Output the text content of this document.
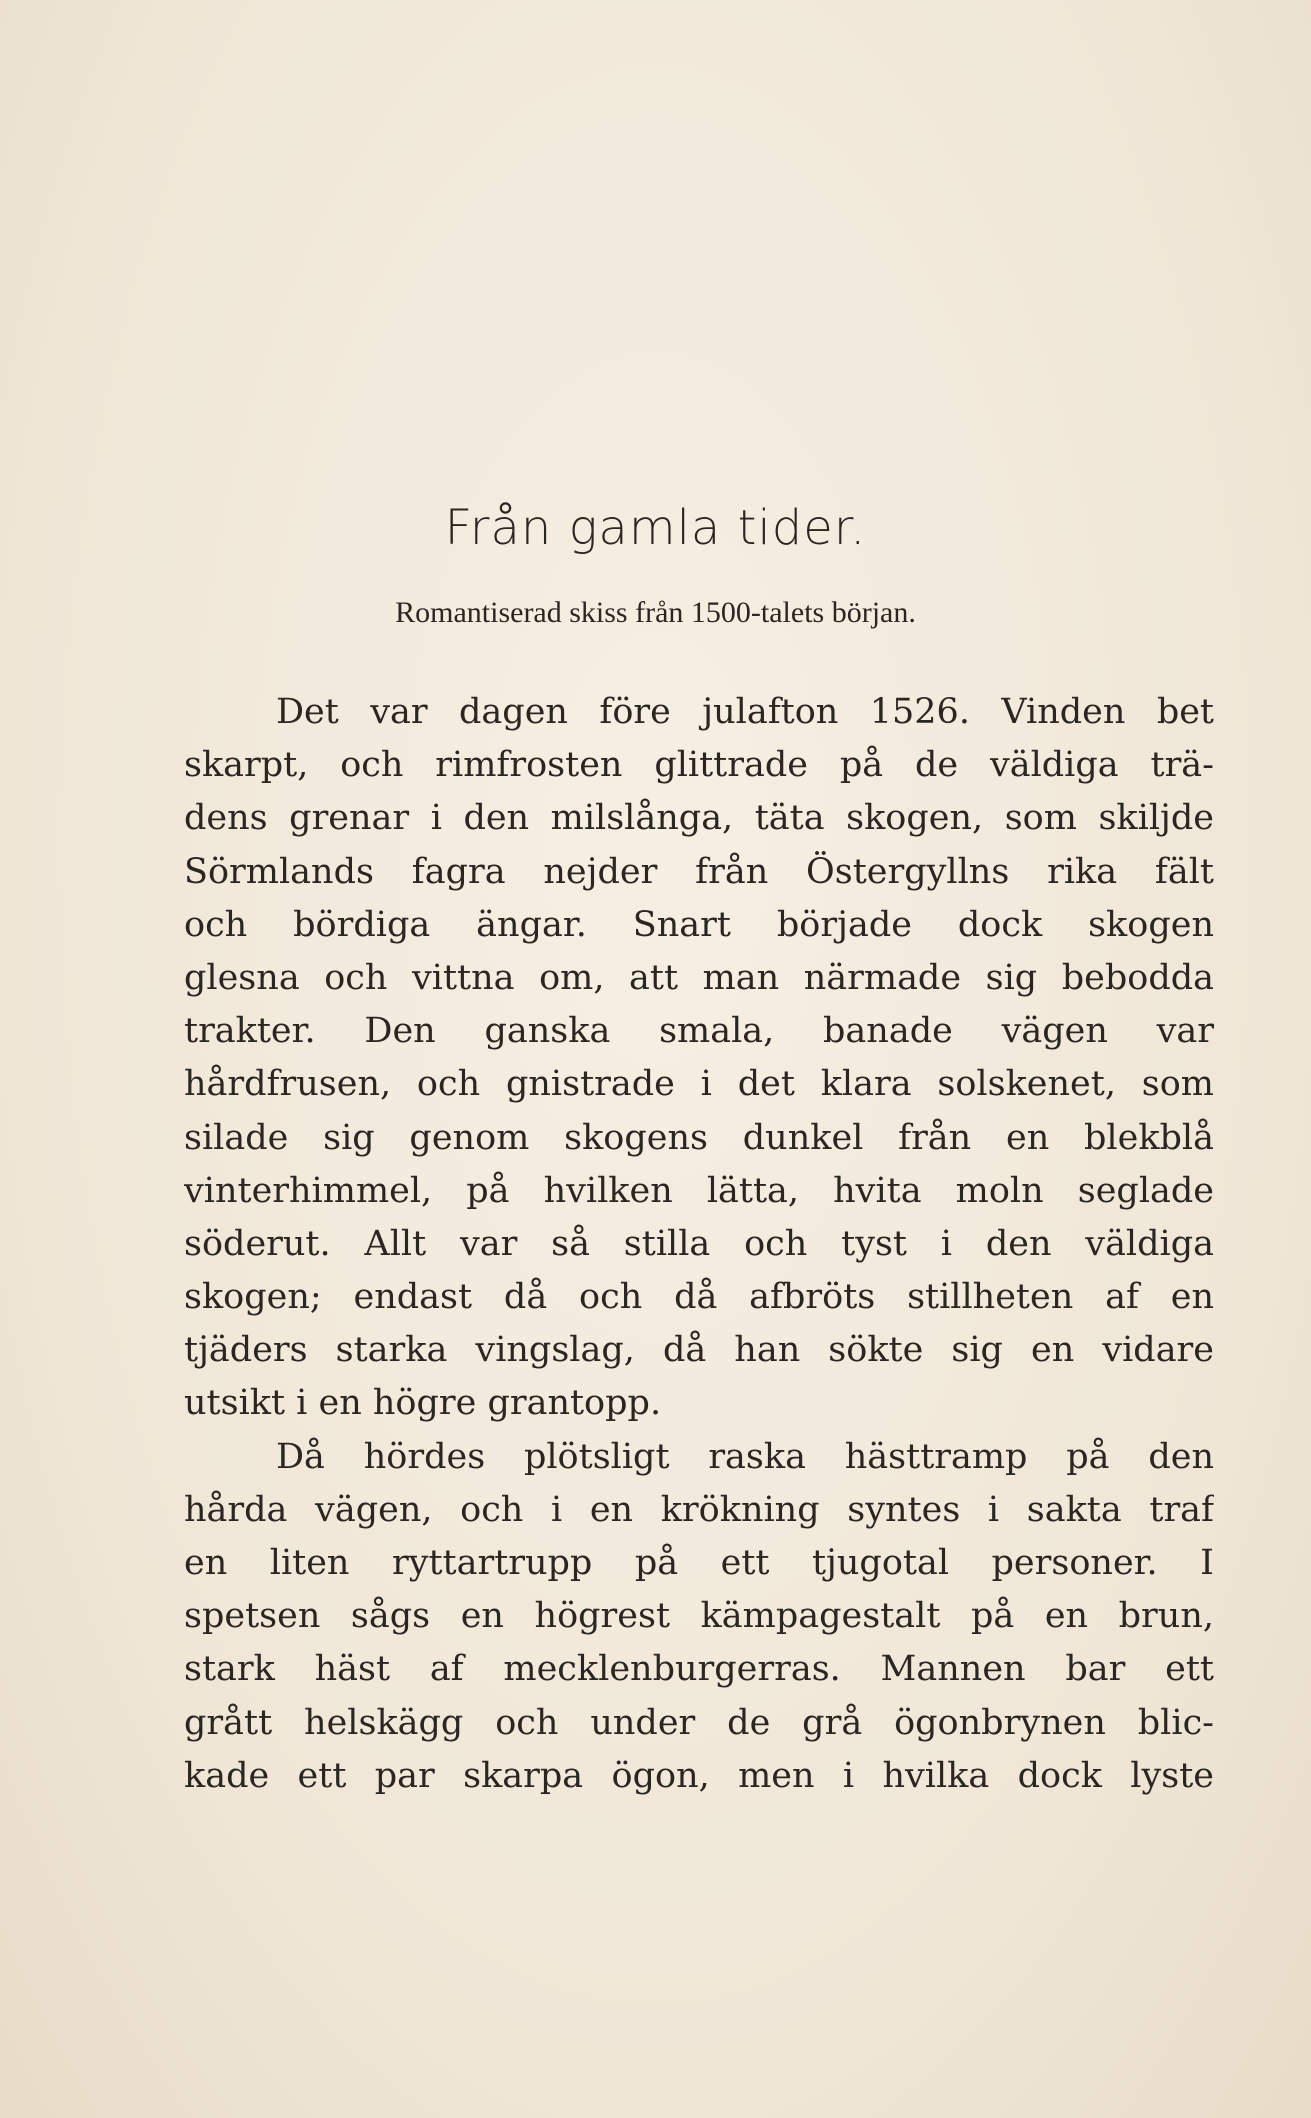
Från gamla tider.
Romantiserad skiss från 1500-talets början.

Det var dagen före julafton 1526. Vinden bet
skarpt, och rimfrosten glittrade på de väldiga trä-
dens grenar i den milslånga, täta skogen, som skiljde
Sörmlands fagra nejder från Östergyllns rika fält
och bördiga ängar. Snart började dock skogen
glesna och vittna om, att man närmade sig bebodda
trakter. Den ganska smala, banade vägen var
hårdfrusen, och gnistrade i det klara solskenet, som
silade sig genom skogens dunkel från en blekblå
vinterhimmel, på hvilken lätta, hvita moln seglade
söderut. Allt var så stilla och tyst i den väldiga
skogen; endast då och då afbröts stillheten af en
tjäders starka vingslag, då han sökte sig en vidare
utsikt i en högre grantopp.

Då hördes plötsligt raska hästtramp på den
hårda vägen, och i en krökning syntes i sakta traf
en liten ryttartrupp på ett tjugotal personer. I
spetsen sågs en högrest kämpagestalt på en brun,
stark häst af mecklenburgerras. Mannen bar ett
grått helskägg och under de grå ögonbrynen blic-
kade ett par skarpa ögon, men i hvilka dock lyste
